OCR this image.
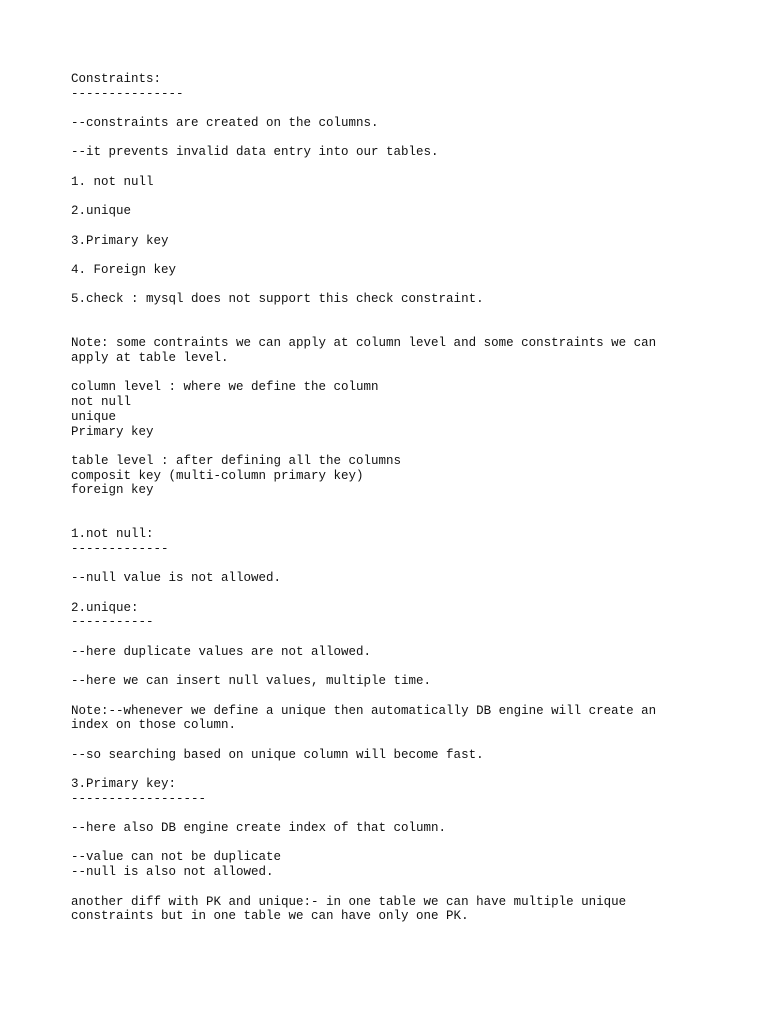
Constraints:
---------------
--constraints are created on the columns.
--it prevents invalid data entry into our tables.
1. not null
2.unique
3.Primary key
4. Foreign key
5.check : mysql does not support this check constraint.
Note: some contraints we can apply at column level and some constraints we can
apply at table level.
column level : where we define the column
not null
unique
Primary key
table level : after defining all the columns
composit key (multi-column primary key)
foreign key
1.not null:
-------------
--null value is not allowed.
2.unique:
-----------
--here duplicate values are not allowed.
--here we can insert null values, multiple time.
Note:--whenever we define a unique then automatically DB engine will create an
index on those column.
--so searching based on unique column will become fast.
3.Primary key:
------------------
--here also DB engine create index of that column.
--value can not be duplicate
--null is also not allowed.
another diff with PK and unique:- in one table we can have multiple unique
constraints but in one table we can have only one PK.
